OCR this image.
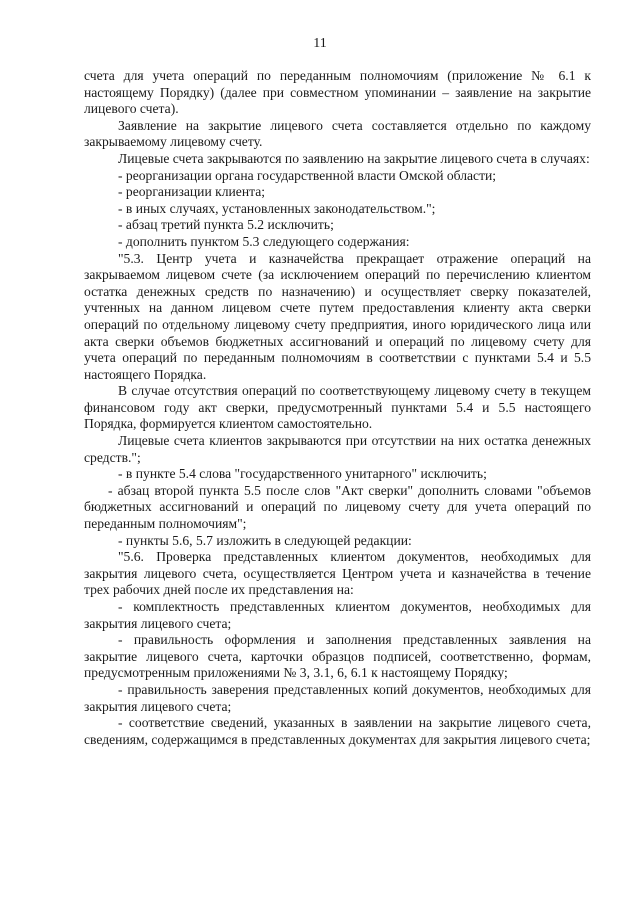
11

счета для учета операций по переданным полномочиям (приложение № 6.1 к настоящему Порядку) (далее при совместном упоминании – заявление на закрытие лицевого счета).

Заявление на закрытие лицевого счета составляется отдельно по каждому закрываемому лицевому счету.

Лицевые счета закрываются по заявлению на закрытие лицевого счета в случаях:

- реорганизации органа государственной власти Омской области;

- реорганизации клиента;

- в иных случаях, установленных законодательством.";

- абзац третий пункта 5.2 исключить;

- дополнить пунктом 5.3 следующего содержания:

"5.3. Центр учета и казначейства прекращает отражение операций на закрываемом лицевом счете (за исключением операций по перечислению клиентом остатка денежных средств по назначению) и осуществляет сверку показателей, учтенных на данном лицевом счете путем предоставления клиенту акта сверки операций по отдельному лицевому счету предприятия, иного юридического лица или акта сверки объемов бюджетных ассигнований и операций по лицевому счету для учета операций по переданным полномочиям в соответствии с пунктами 5.4 и 5.5 настоящего Порядка.

В случае отсутствия операций по соответствующему лицевому счету в текущем финансовом году акт сверки, предусмотренный пунктами 5.4 и 5.5 настоящего Порядка, формируется клиентом самостоятельно.

Лицевые счета клиентов закрываются при отсутствии на них остатка денежных средств.";

- в пункте 5.4 слова "государственного унитарного" исключить;

- абзац второй пункта 5.5 после слов "Акт сверки" дополнить словами "объемов бюджетных ассигнований и операций по лицевому счету для учета операций по переданным полномочиям";

- пункты 5.6, 5.7 изложить в следующей редакции:

"5.6. Проверка представленных клиентом документов, необходимых для закрытия лицевого счета, осуществляется Центром учета и казначейства в течение трех рабочих дней после их представления на:

- комплектность представленных клиентом документов, необходимых для закрытия лицевого счета;

- правильность оформления и заполнения представленных заявления на закрытие лицевого счета, карточки образцов подписей, соответственно, формам, предусмотренным приложениями № 3, 3.1, 6, 6.1 к настоящему Порядку;

- правильность заверения представленных копий документов, необходимых для закрытия лицевого счета;

- соответствие сведений, указанных в заявлении на закрытие лицевого счета, сведениям, содержащимся в представленных документах для закрытия лицевого счета;
